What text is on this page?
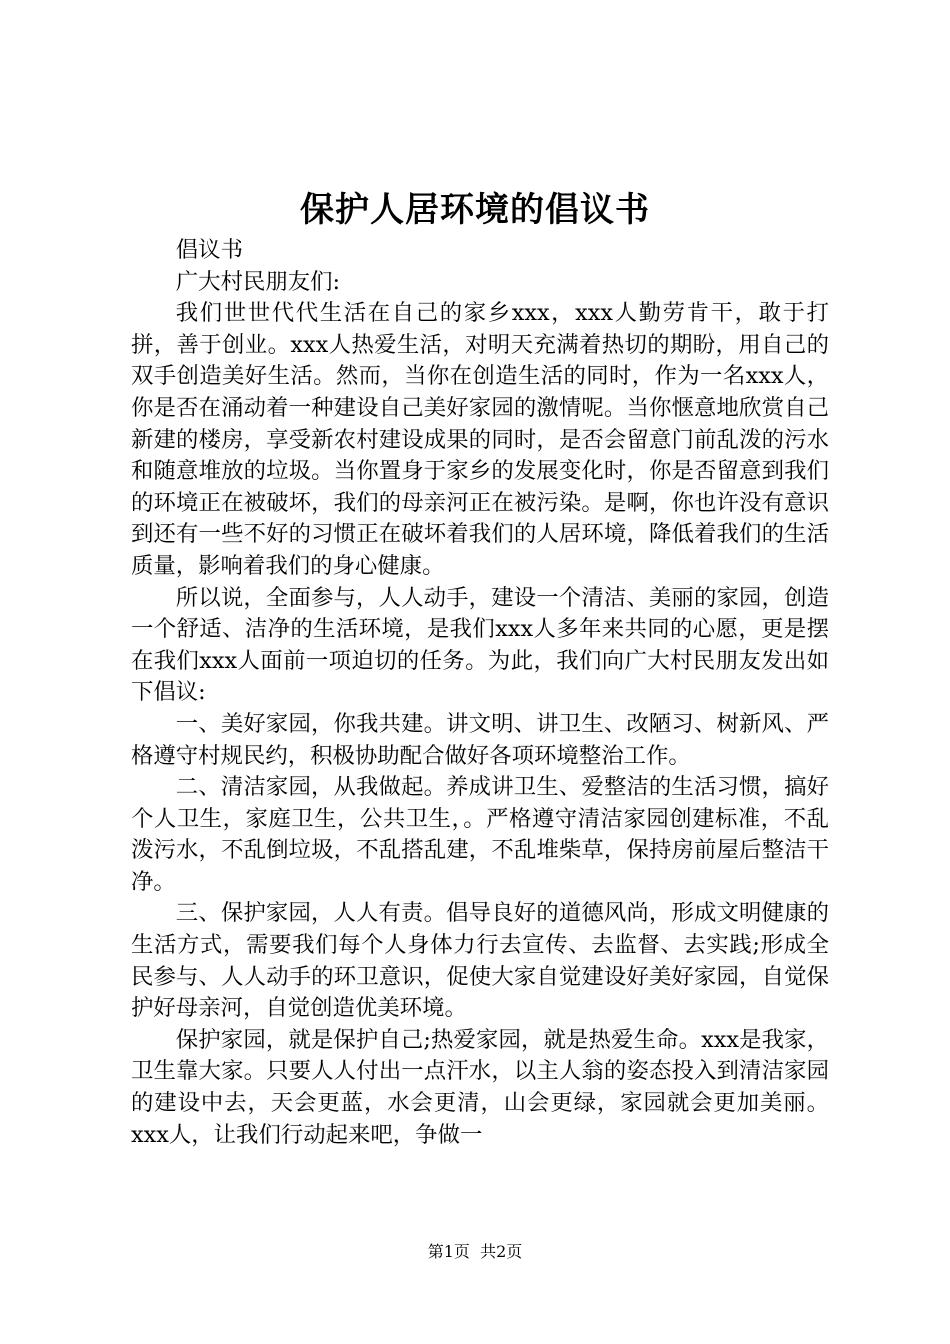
保护人居环境的倡议书

倡议书

广大村民朋友们:

我们世世代代生活在自己的家乡xxx，xxx人勤劳肯干，敢于打拼，善于创业。xxx人热爱生活，对明天充满着热切的期盼，用自己的双手创造美好生活。然而，当你在创造生活的同时，作为一名xxx人，你是否在涌动着一种建设自己美好家园的激情呢。当你惬意地欣赏自己新建的楼房，享受新农村建设成果的同时，是否会留意门前乱泼的污水和随意堆放的垃圾。当你置身于家乡的发展变化时，你是否留意到我们的环境正在被破坏，我们的母亲河正在被污染。是啊，你也许没有意识到还有一些不好的习惯正在破坏着我们的人居环境，降低着我们的生活质量，影响着我们的身心健康。

所以说，全面参与，人人动手，建设一个清洁、美丽的家园，创造一个舒适、洁净的生活环境，是我们xxx人多年来共同的心愿，更是摆在我们xxx人面前一项迫切的任务。为此，我们向广大村民朋友发出如下倡议:

一、美好家园，你我共建。讲文明、讲卫生、改陋习、树新风、严格遵守村规民约，积极协助配合做好各项环境整治工作。

二、清洁家园，从我做起。养成讲卫生、爱整洁的生活习惯，搞好个人卫生，家庭卫生，公共卫生，。严格遵守清洁家园创建标准，不乱泼污水，不乱倒垃圾，不乱搭乱建，不乱堆柴草，保持房前屋后整洁干净。

三、保护家园，人人有责。倡导良好的道德风尚，形成文明健康的生活方式，需要我们每个人身体力行去宣传、去监督、去实践;形成全民参与、人人动手的环卫意识，促使大家自觉建设好美好家园，自觉保护好母亲河，自觉创造优美环境。

保护家园，就是保护自己;热爱家园，就是热爱生命。xxx是我家，卫生靠大家。只要人人付出一点汗水，以主人翁的姿态投入到清洁家园的建设中去，天会更蓝，水会更清，山会更绿，家园就会更加美丽。xxx人，让我们行动起来吧，争做一

第1页  共2页
